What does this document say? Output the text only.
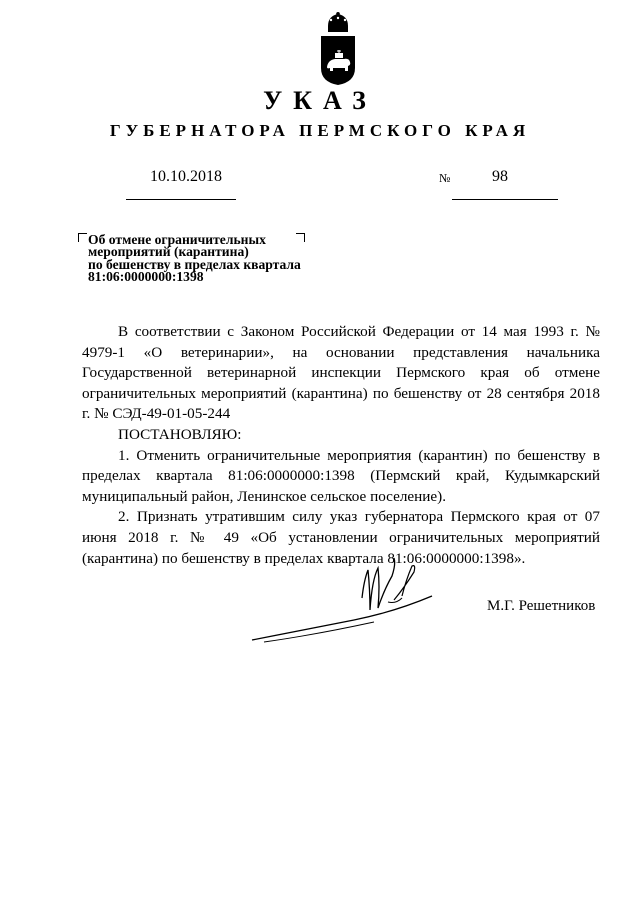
УКАЗ
ГУБЕРНАТОРА ПЕРМСКОГО КРАЯ
10.10.2018	№	98
Об отмене ограничительных
мероприятий (карантина)
по бешенству в пределах квартала
81:06:0000000:1398

В соответствии с Законом Российской Федерации от 14 мая 1993 г. № 4979-1 «О ветеринарии», на основании представления начальника Государственной ветеринарной инспекции Пермского края об отмене ограничительных мероприятий (карантина) по бешенству от 28 сентября 2018 г. № СЭД-49-01-05-244

ПОСТАНОВЛЯЮ:

1. Отменить ограничительные мероприятия (карантин) по бешенству в пределах квартала 81:06:0000000:1398 (Пермский край, Кудымкарский муниципальный район, Ленинское сельское поселение).

2. Признать утратившим силу указ губернатора Пермского края от 07 июня 2018 г. № 49 «Об установлении ограничительных мероприятий (карантина) по бешенству в пределах квартала 81:06:0000000:1398».

М.Г. Решетников
